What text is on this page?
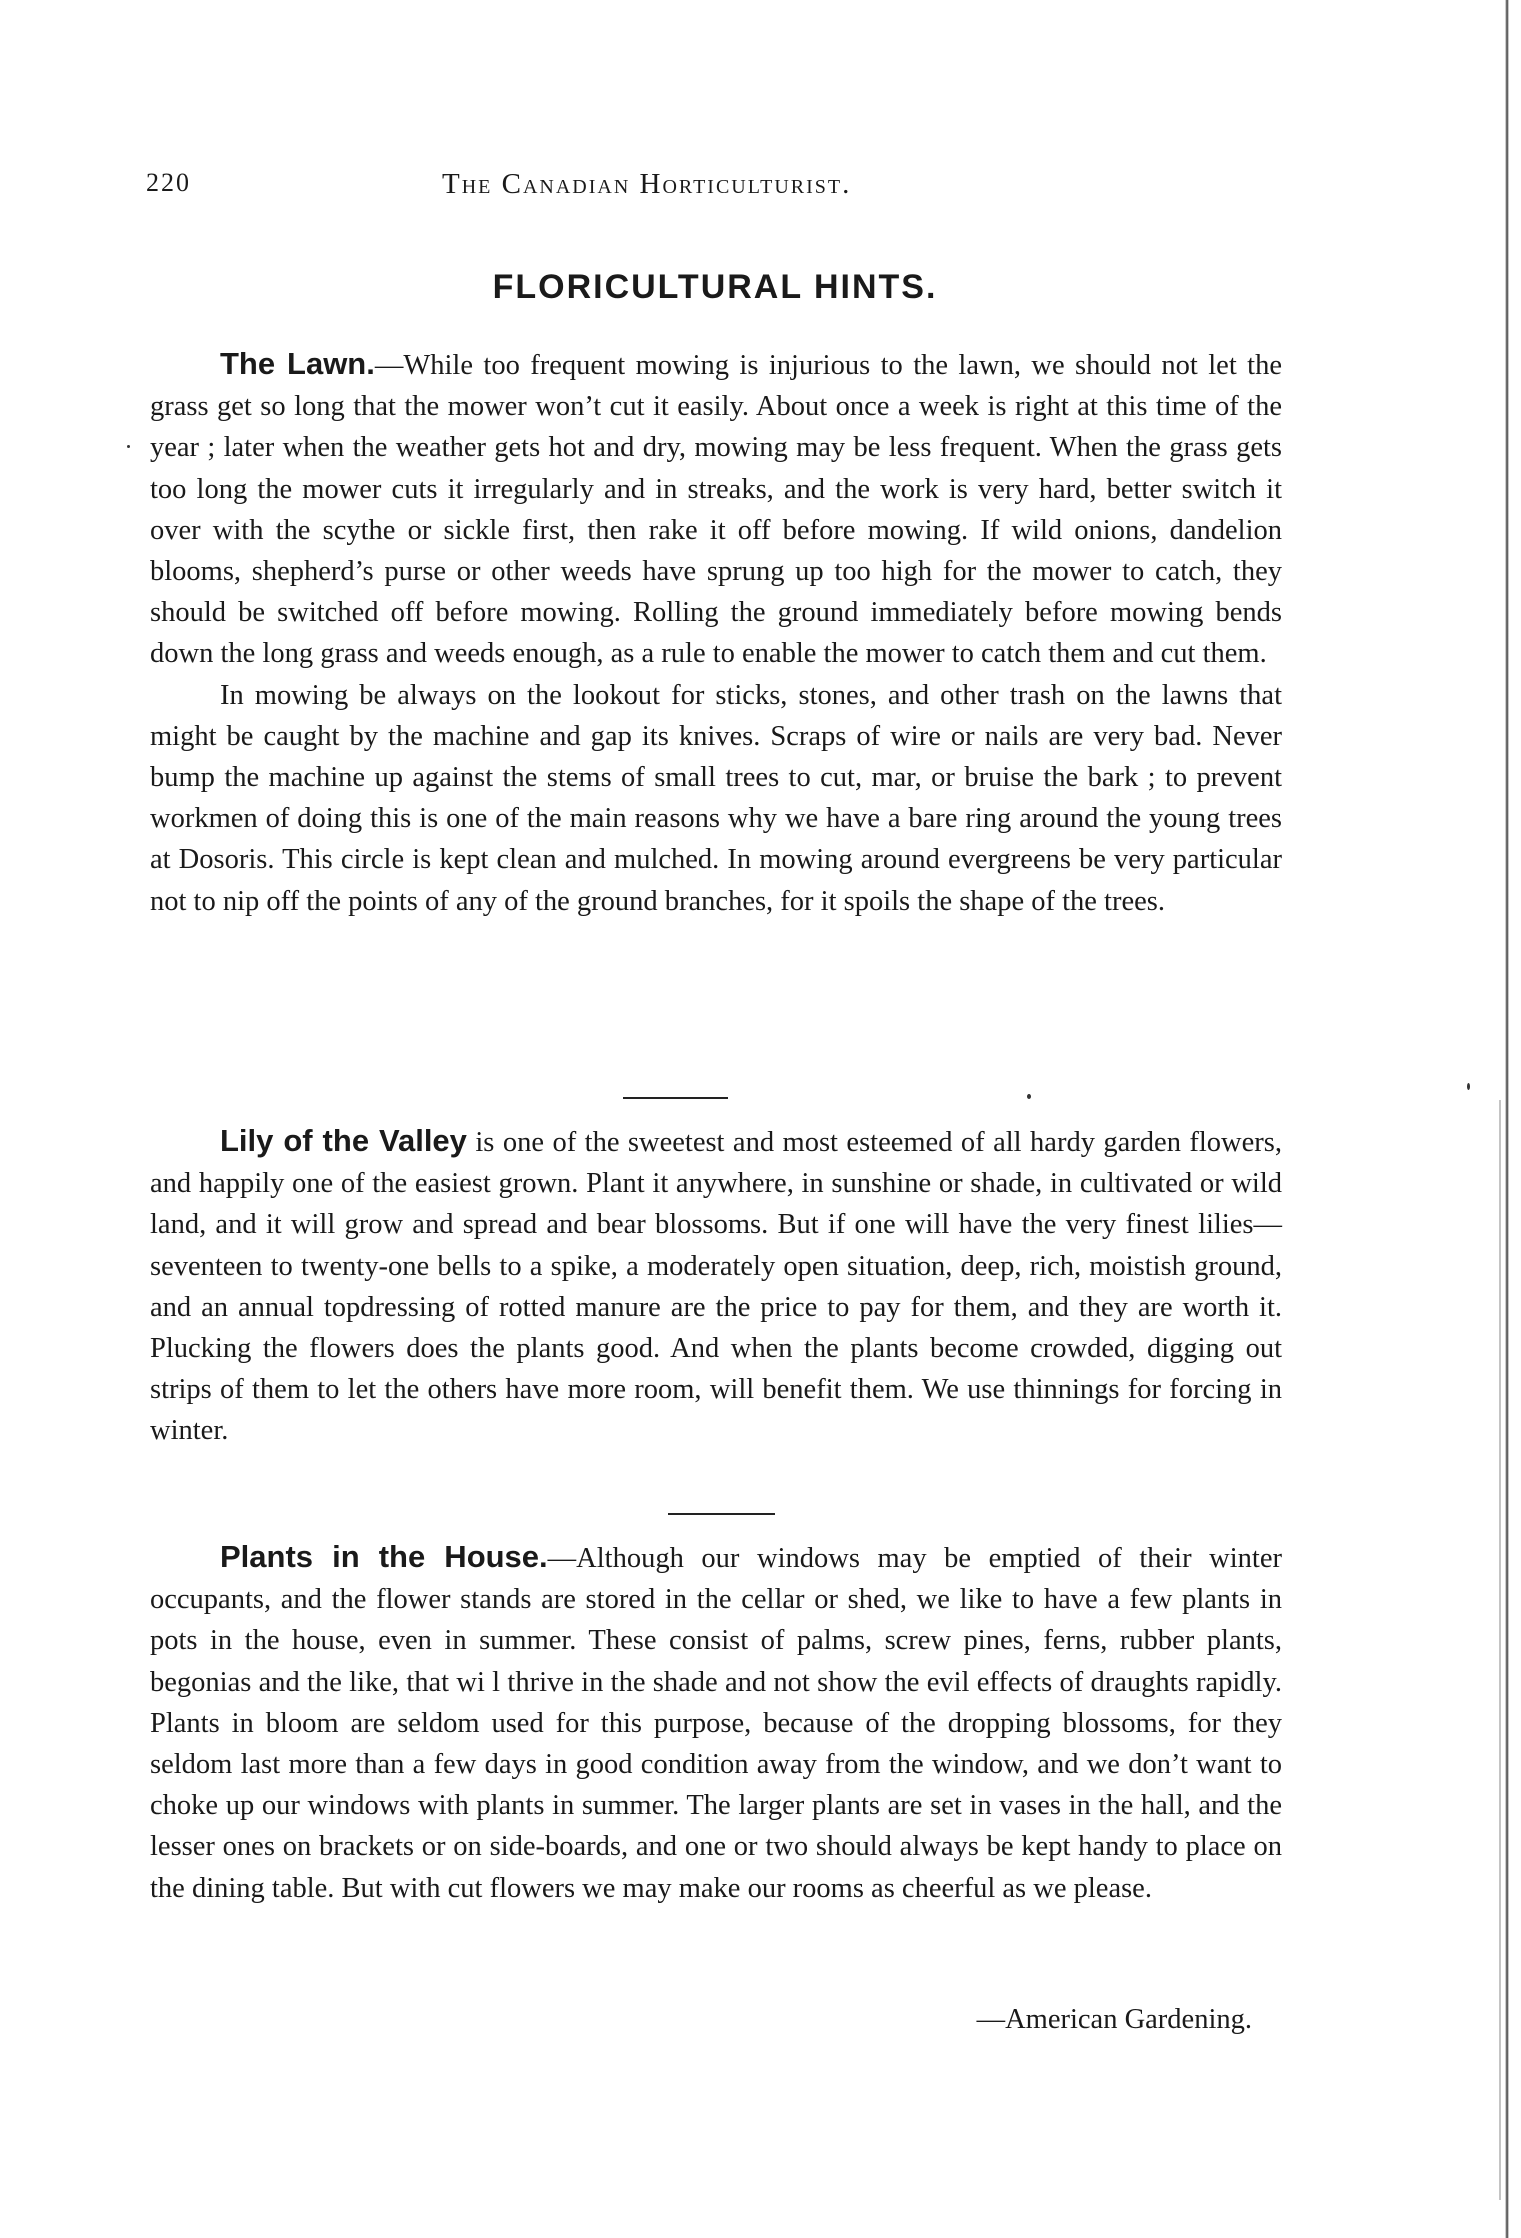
220	The Canadian Horticulturist.
FLORICULTURAL HINTS.

The Lawn.—While too frequent mowing is injurious to the lawn, we should not let the grass get so long that the mower won’t cut it easily. About once a week is right at this time of the year ; later when the weather gets hot and dry, mowing may be less frequent. When the grass gets too long the mower cuts it irregularly and in streaks, and the work is very hard, better switch it over with the scythe or sickle first, then rake it off before mowing. If wild onions, dandelion blooms, shepherd’s purse or other weeds have sprung up too high for the mower to catch, they should be switched off before mowing. Rolling the ground immediately before mowing bends down the long grass and weeds enough, as a rule to enable the mower to catch them and cut them.

In mowing be always on the lookout for sticks, stones, and other trash on the lawns that might be caught by the machine and gap its knives. Scraps of wire or nails are very bad. Never bump the machine up against the stems of small trees to cut, mar, or bruise the bark ; to prevent workmen of doing this is one of the main reasons why we have a bare ring around the young trees at Dosoris. This circle is kept clean and mulched. In mowing around evergreens be very particular not to nip off the points of any of the ground branches, for it spoils the shape of the trees.

Lily of the Valley is one of the sweetest and most esteemed of all hardy garden flowers, and happily one of the easiest grown. Plant it anywhere, in sunshine or shade, in cultivated or wild land, and it will grow and spread and bear blossoms. But if one will have the very finest lilies—seventeen to twenty-one bells to a spike, a moderately open situation, deep, rich, moistish ground, and an annual topdressing of rotted manure are the price to pay for them, and they are worth it. Plucking the flowers does the plants good. And when the plants become crowded, digging out strips of them to let the others have more room, will benefit them. We use thinnings for forcing in winter.

Plants in the House.—Although our windows may be emptied of their winter occupants, and the flower stands are stored in the cellar or shed, we like to have a few plants in pots in the house, even in summer. These consist of palms, screw pines, ferns, rubber plants, begonias and the like, that wi l thrive in the shade and not show the evil effects of draughts rapidly. Plants in bloom are seldom used for this purpose, because of the dropping blossoms, for they seldom last more than a few days in good condition away from the window, and we don’t want to choke up our windows with plants in summer. The larger plants are set in vases in the hall, and the lesser ones on brackets or on side-boards, and one or two should always be kept handy to place on the dining table. But with cut flowers we may make our rooms as cheerful as we please.

—American Gardening.
